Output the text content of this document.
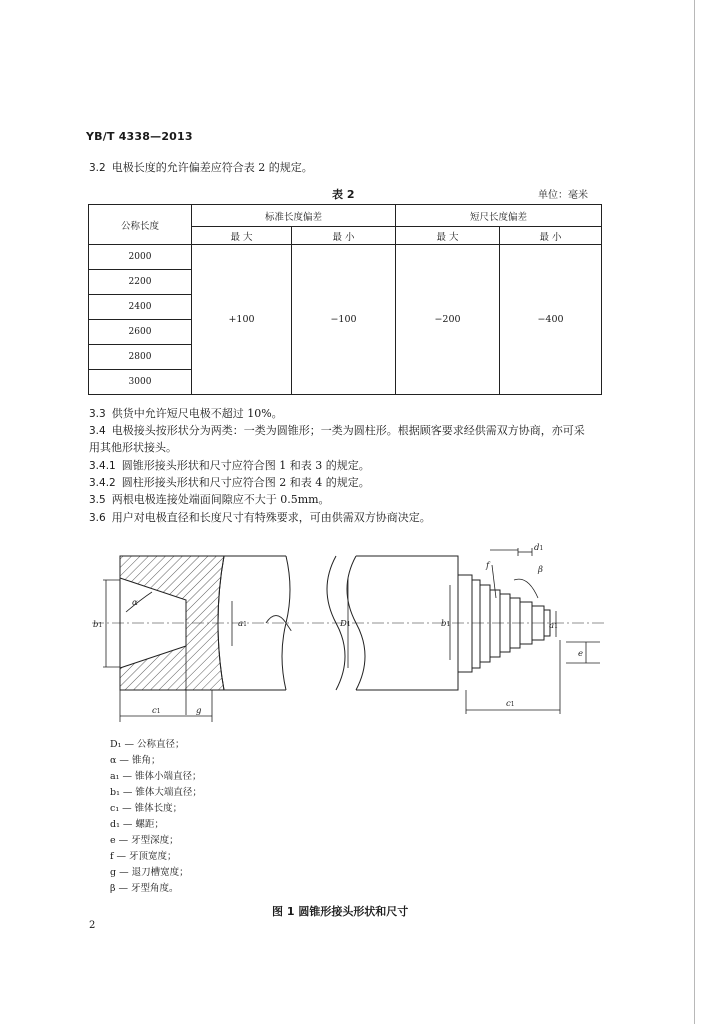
YB/T 4338—2013
3.2 电极长度的允许偏差应符合表 2 的规定。
表 2	单位：毫米
公称长度	标准长度偏差		短尺长度偏差	
	最 大	最 小	最 大	最 小
2000	+100	−100	−200	−400
2200				
2400				
2600				
2800				
3000				
3.3 供货中允许短尺电极不超过 10%。
3.4 电极接头按形状分为两类：一类为圆锥形；一类为圆柱形。根据顾客要求经供需双方协商，亦可采
用其他形状接头。
3.4.1 圆锥形接头形状和尺寸应符合图 1 和表 3 的规定。
3.4.2 圆柱形接头形状和尺寸应符合图 2 和表 4 的规定。
3.5 两根电极连接处端面间隙应不大于 0.5mm。
3.6 用户对电极直径和长度尺寸有特殊要求，可由供需双方协商决定。
b1
α
a1
c1	g
D1	b1	a1
d1
f	β
c1
e
D₁ — 公称直径；
α — 锥角；
a₁ — 锥体小端直径；
b₁ — 锥体大端直径；
c₁ — 锥体长度；
d₁ — 螺距；
e — 牙型深度；
f — 牙顶宽度；
g — 退刀槽宽度；
β — 牙型角度。
图 1 圆锥形接头形状和尺寸
2
